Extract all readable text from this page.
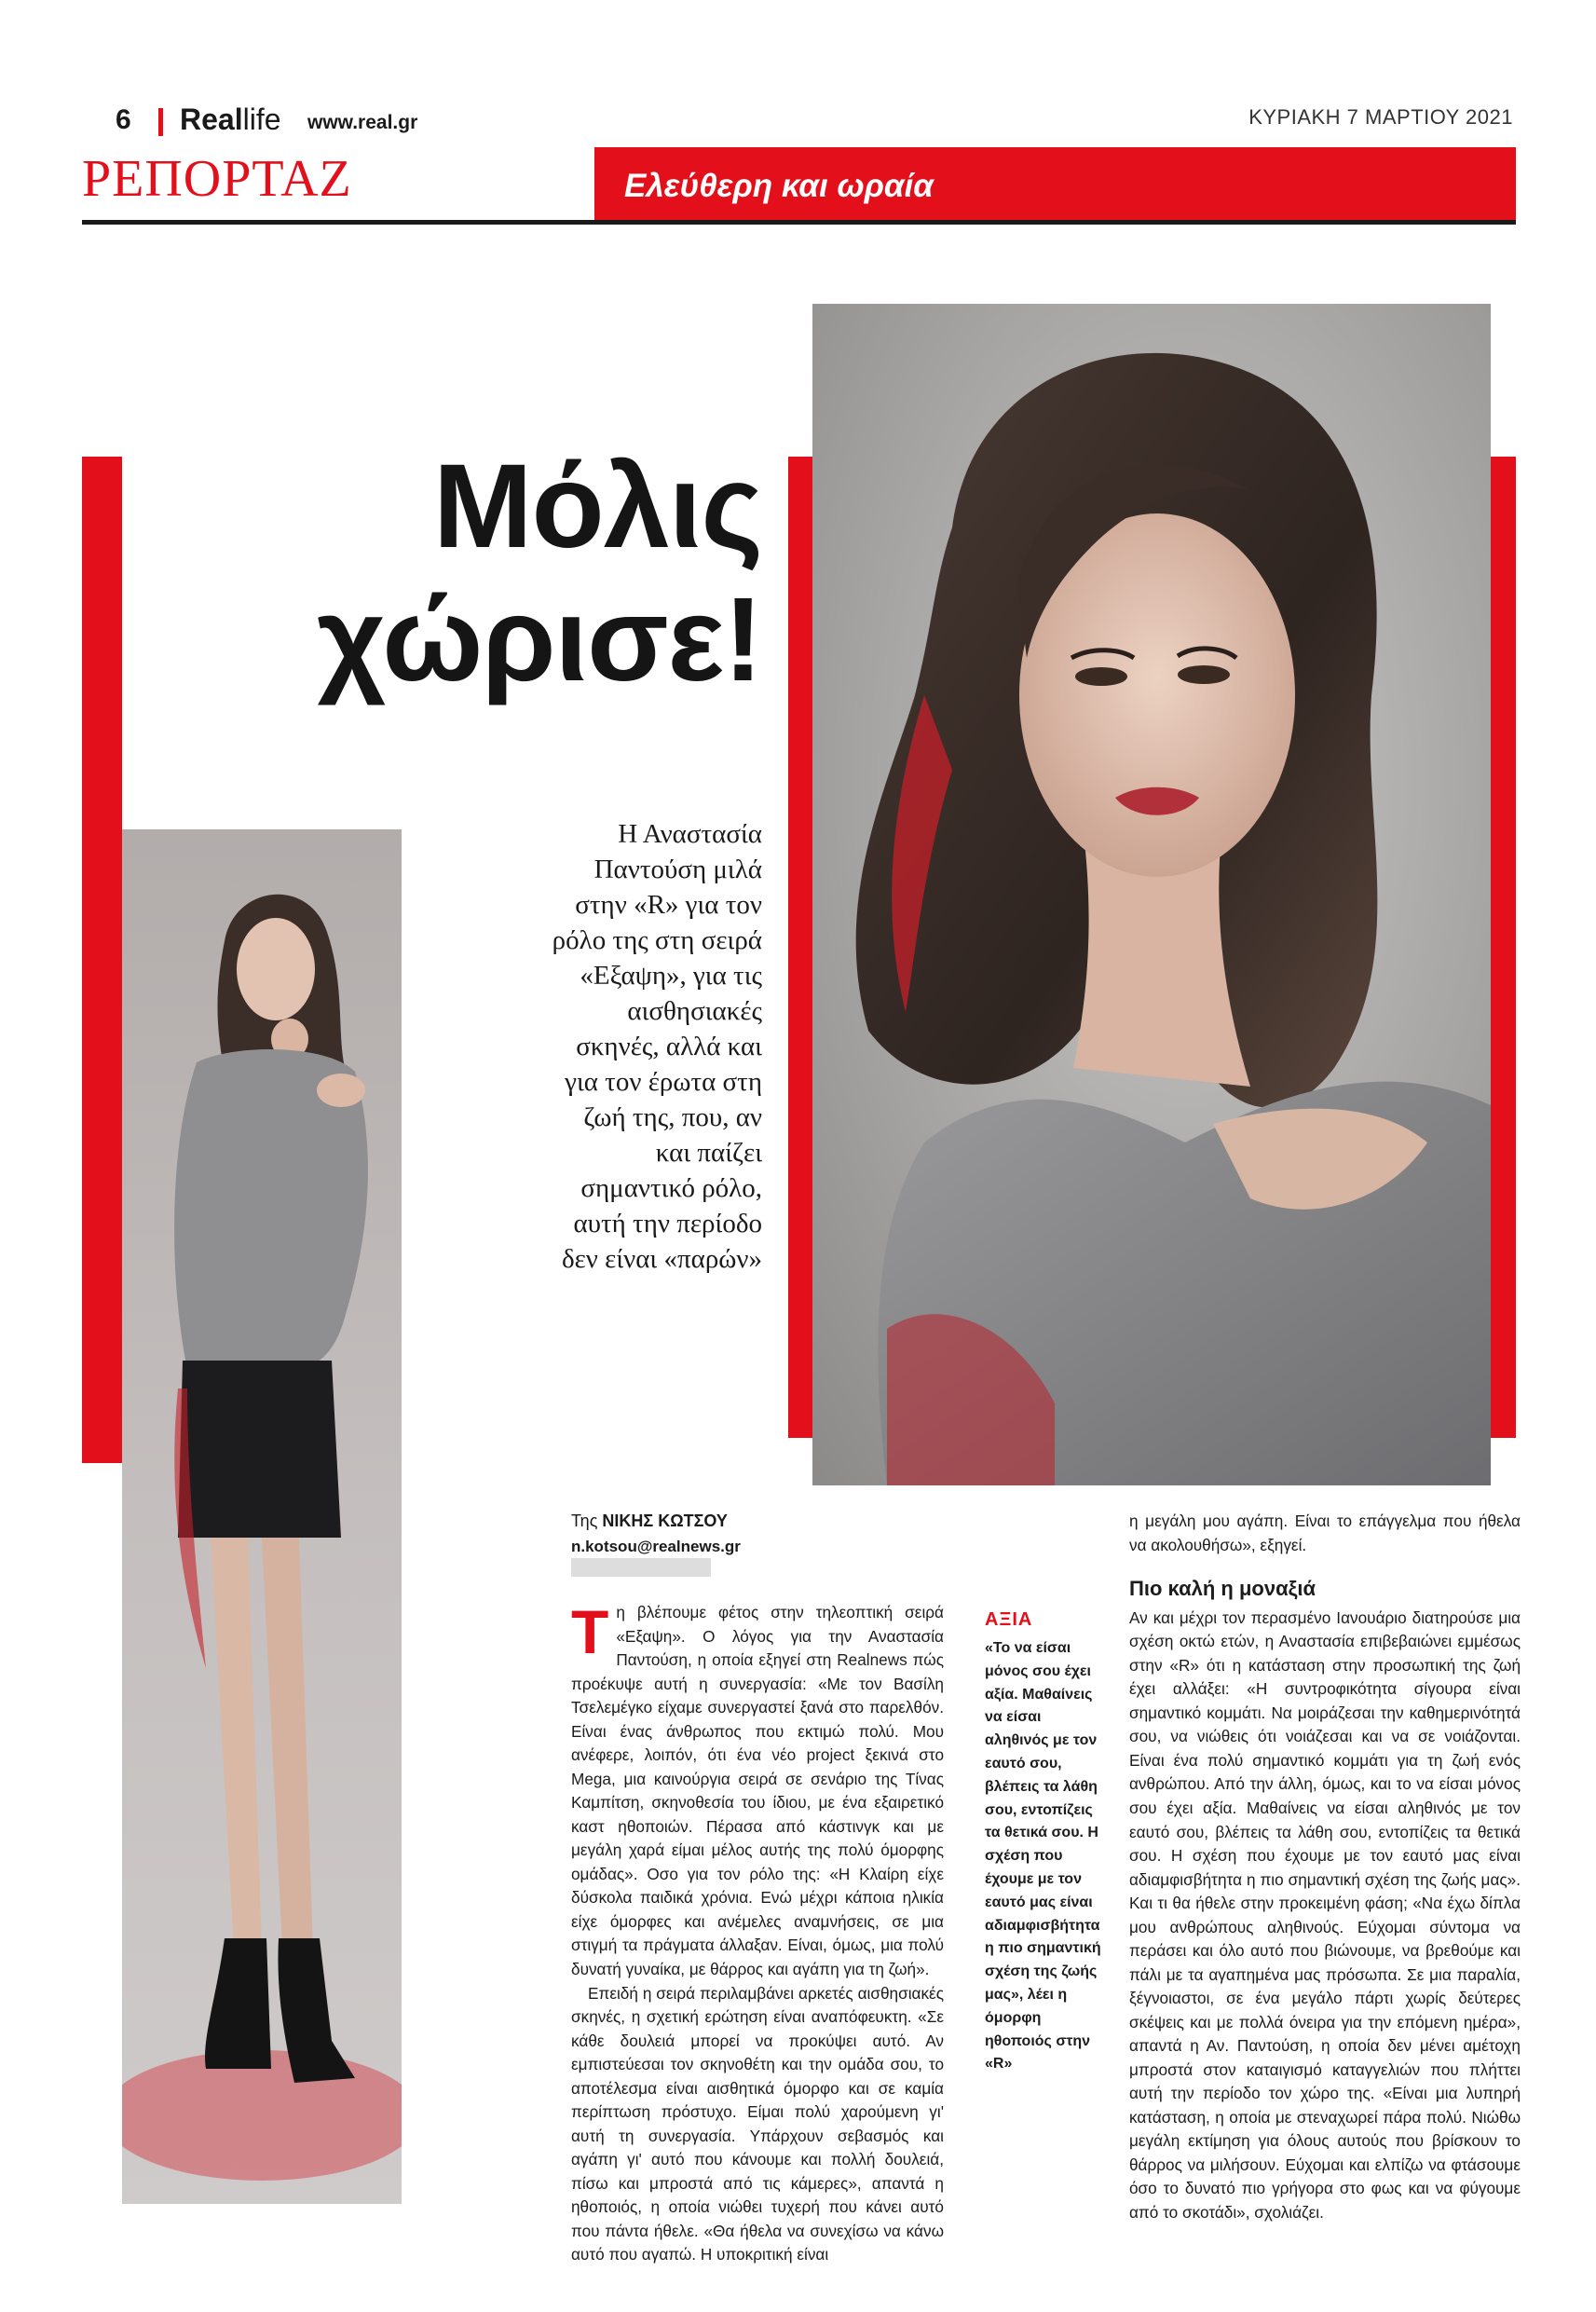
6 Reallife www.real.gr	ΚΥΡΙΑΚΗ 7 ΜΑΡΤΙΟΥ 2021
ΡΕΠΟΡΤΑΖ	Ελεύθερη και ωραία
Μόλις
χώρισε!
Η Αναστασία Παντούση μιλά στην «R» για τον ρόλο της στη σειρά «Εξαψη», για τις αισθησιακές σκηνές, αλλά και για τον έρωτα στη ζωή της, που, αν και παίζει σημαντικό ρόλο, αυτή την περίοδο δεν είναι «παρών»
Της ΝΙΚΗΣ ΚΩΤΣΟΥ
n.kotsou@realnews.gr

Τη βλέπουμε φέτος στην τηλεοπτική σειρά «Εξαψη». Ο λόγος για την Αναστασία Παντούση, η οποία εξηγεί στη Realnews πώς προέκυψε αυτή η συνεργασία: «Με τον Βασίλη Τσελεμέγκο είχαμε συνεργαστεί ξανά στο παρελθόν. Είναι ένας άνθρωπος που εκτιμώ πολύ. Μου ανέφερε, λοιπόν, ότι ένα νέο project ξεκινά στο Mega, μια καινούργια σειρά σε σενάριο της Τίνας Καμπίτση, σκηνοθεσία του ίδιου, με ένα εξαιρετικό καστ ηθοποιών. Πέρασα από κάστινγκ και με μεγάλη χαρά είμαι μέλος αυτής της πολύ όμορφης ομάδας». Οσο για τον ρόλο της: «Η Κλαίρη είχε δύσκολα παιδικά χρόνια. Ενώ μέχρι κάποια ηλικία είχε όμορφες και ανέμελες αναμνήσεις, σε μια στιγμή τα πράγματα άλλαξαν. Είναι, όμως, μια πολύ δυνατή γυναίκα, με θάρρος και αγάπη για τη ζωή».

Επειδή η σειρά περιλαμβάνει αρκετές αισθησιακές σκηνές, η σχετική ερώτηση είναι αναπόφευκτη. «Σε κάθε δουλειά μπορεί να προκύψει αυτό. Αν εμπιστεύεσαι τον σκηνοθέτη και την ομάδα σου, το αποτέλεσμα είναι αισθητικά όμορφο και σε καμία περίπτωση πρόστυχο. Είμαι πολύ χαρούμενη γι' αυτή τη συνεργασία. Υπάρχουν σεβασμός και αγάπη γι' αυτό που κάνουμε και πολλή δουλειά, πίσω και μπροστά από τις κάμερες», απαντά η ηθοποιός, η οποία νιώθει τυχερή που κάνει αυτό που πάντα ήθελε. «Θα ήθελα να συνεχίσω να κάνω αυτό που αγαπώ. Η υποκριτική είναι

ΑΞΙΑ
«Το να είσαι μόνος σου έχει αξία. Μαθαίνεις να είσαι αληθινός με τον εαυτό σου, βλέπεις τα λάθη σου, εντοπίζεις τα θετικά σου. Η σχέση που έχουμε με τον εαυτό μας είναι αδιαμφισβήτητα η πιο σημαντική σχέση της ζωής μας», λέει η όμορφη ηθοποιός στην «R»

η μεγάλη μου αγάπη. Είναι το επάγγελμα που ήθελα να ακολουθήσω», εξηγεί.

Πιο καλή η μοναξιά

Αν και μέχρι τον περασμένο Ιανουάριο διατηρούσε μια σχέση οκτώ ετών, η Αναστασία επιβεβαιώνει εμμέσως στην «R» ότι η κατάσταση στην προσωπική της ζωή έχει αλλάξει: «Η συντροφικότητα σίγουρα είναι σημαντικό κομμάτι. Να μοιράζεσαι την καθημερινότητά σου, να νιώθεις ότι νοιάζεσαι και να σε νοιάζονται. Είναι ένα πολύ σημαντικό κομμάτι για τη ζωή ενός ανθρώπου. Από την άλλη, όμως, και το να είσαι μόνος σου έχει αξία. Μαθαίνεις να είσαι αληθινός με τον εαυτό σου, βλέπεις τα λάθη σου, εντοπίζεις τα θετικά σου. Η σχέση που έχουμε με τον εαυτό μας είναι αδιαμφισβήτητα η πιο σημαντική σχέση της ζωής μας». Και τι θα ήθελε στην προκειμένη φάση; «Να έχω δίπλα μου ανθρώπους αληθινούς. Εύχομαι σύντομα να περάσει και όλο αυτό που βιώνουμε, να βρεθούμε και πάλι με τα αγαπημένα μας πρόσωπα. Σε μια παραλία, ξέγνοιαστοι, σε ένα μεγάλο πάρτι χωρίς δεύτερες σκέψεις και με πολλά όνειρα για την επόμενη ημέρα», απαντά η Αν. Παντούση, η οποία δεν μένει αμέτοχη μπροστά στον καταιγισμό καταγγελιών που πλήττει αυτή την περίοδο τον χώρο της. «Είναι μια λυπηρή κατάσταση, η οποία με στεναχωρεί πάρα πολύ. Νιώθω μεγάλη εκτίμηση για όλους αυτούς που βρίσκουν το θάρρος να μιλήσουν. Εύχομαι και ελπίζω να φτάσουμε όσο το δυνατό πιο γρήγορα στο φως και να φύγουμε από το σκοτάδι», σχολιάζει.
